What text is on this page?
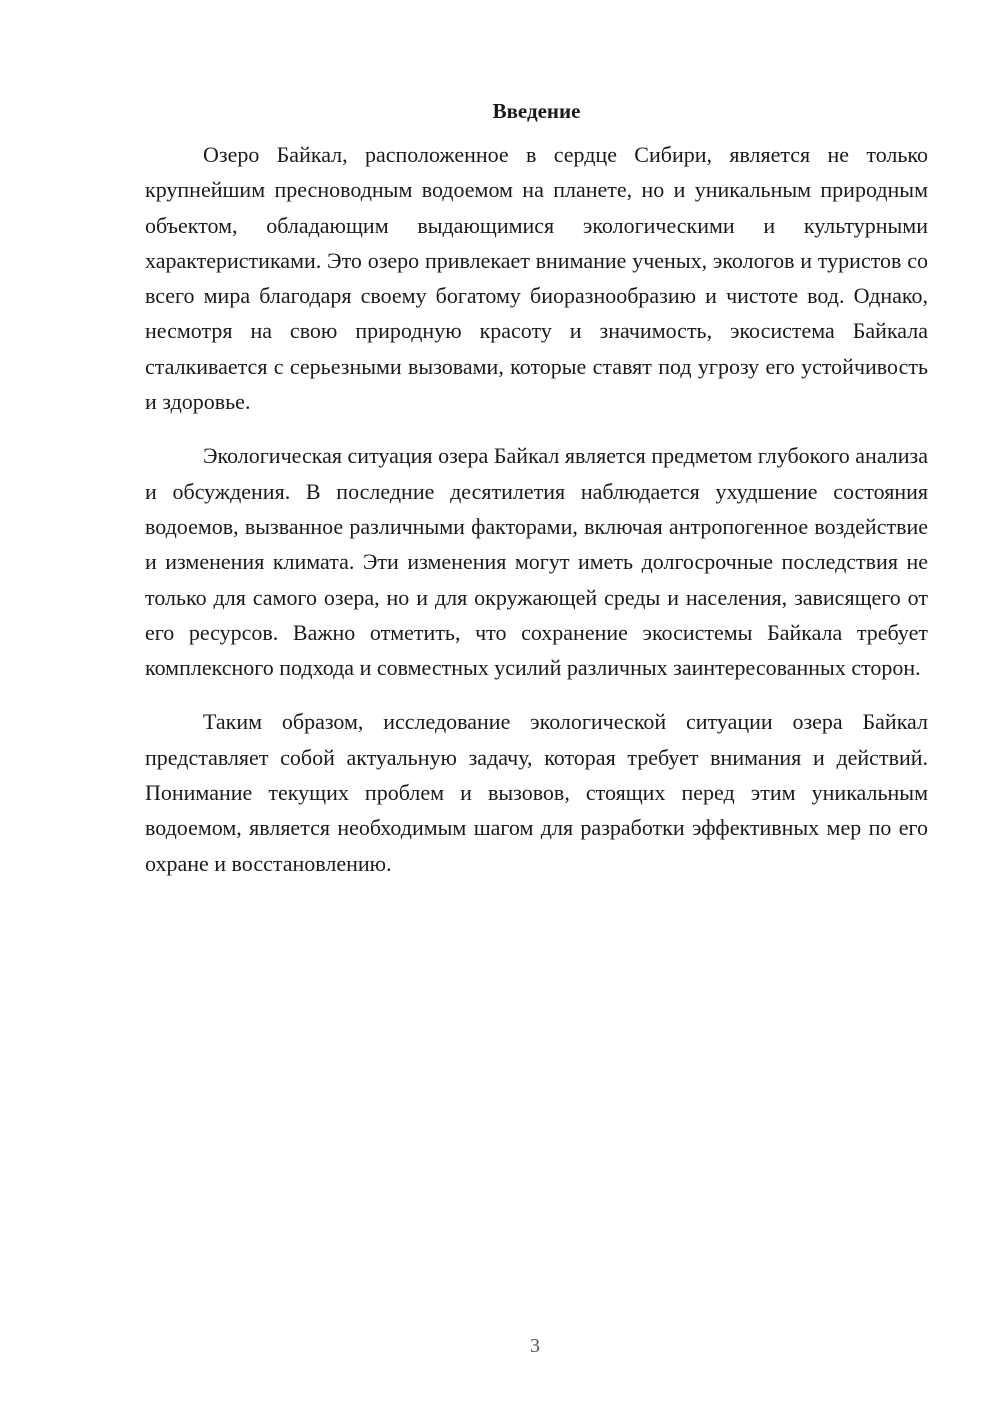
Введение

Озеро Байкал, расположенное в сердце Сибири, является не только крупнейшим пресноводным водоемом на планете, но и уникальным природным объектом, обладающим выдающимися экологическими и культурными характеристиками. Это озеро привлекает внимание ученых, экологов и туристов со всего мира благодаря своему богатому биоразнообразию и чистоте вод. Однако, несмотря на свою природную красоту и значимость, экосистема Байкала сталкивается с серьезными вызовами, которые ставят под угрозу его устойчивость и здоровье.

Экологическая ситуация озера Байкал является предметом глубокого анализа и обсуждения. В последние десятилетия наблюдается ухудшение состояния водоемов, вызванное различными факторами, включая антропогенное воздействие и изменения климата. Эти изменения могут иметь долгосрочные последствия не только для самого озера, но и для окружающей среды и населения, зависящего от его ресурсов. Важно отметить, что сохранение экосистемы Байкала требует комплексного подхода и совместных усилий различных заинтересованных сторон.

Таким образом, исследование экологической ситуации озера Байкал представляет собой актуальную задачу, которая требует внимания и действий. Понимание текущих проблем и вызовов, стоящих перед этим уникальным водоемом, является необходимым шагом для разработки эффективных мер по его охране и восстановлению.

3
